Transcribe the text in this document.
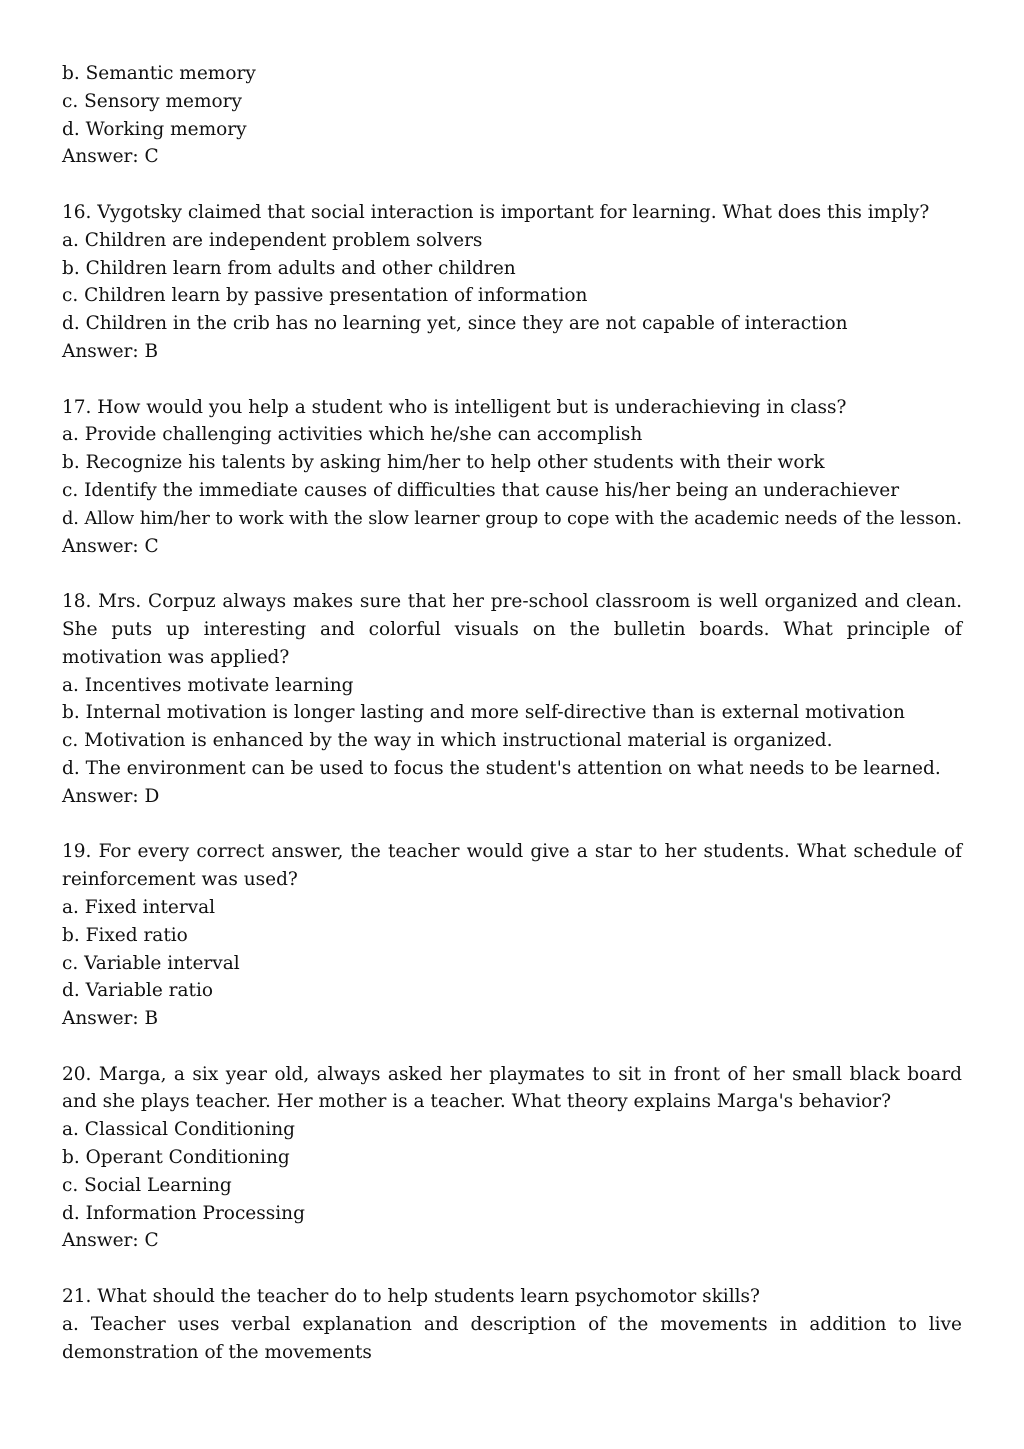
b. Semantic memory
c. Sensory memory
d. Working memory
Answer: C
16. Vygotsky claimed that social interaction is important for learning. What does this imply?
a. Children are independent problem solvers
b. Children learn from adults and other children
c. Children learn by passive presentation of information
d. Children in the crib has no learning yet, since they are not capable of interaction
Answer: B
17. How would you help a student who is intelligent but is underachieving in class?
a. Provide challenging activities which he/she can accomplish
b. Recognize his talents by asking him/her to help other students with their work
c. Identify the immediate causes of difficulties that cause his/her being an underachiever
d. Allow him/her to work with the slow learner group to cope with the academic needs of the lesson.
Answer: C
18. Mrs. Corpuz always makes sure that her pre-school classroom is well organized and clean. She puts up interesting and colorful visuals on the bulletin boards. What principle of motivation was applied?
a. Incentives motivate learning
b. Internal motivation is longer lasting and more self-directive than is external motivation
c. Motivation is enhanced by the way in which instructional material is organized.
d. The environment can be used to focus the student's attention on what needs to be learned.
Answer: D
19. For every correct answer, the teacher would give a star to her students. What schedule of reinforcement was used?
a. Fixed interval
b. Fixed ratio
c. Variable interval
d. Variable ratio
Answer: B
20. Marga, a six year old, always asked her playmates to sit in front of her small black board and she plays teacher. Her mother is a teacher. What theory explains Marga's behavior?
a. Classical Conditioning
b. Operant Conditioning
c. Social Learning
d. Information Processing
Answer: C
21. What should the teacher do to help students learn psychomotor skills?
a. Teacher uses verbal explanation and description of the movements in addition to live demonstration of the movements
